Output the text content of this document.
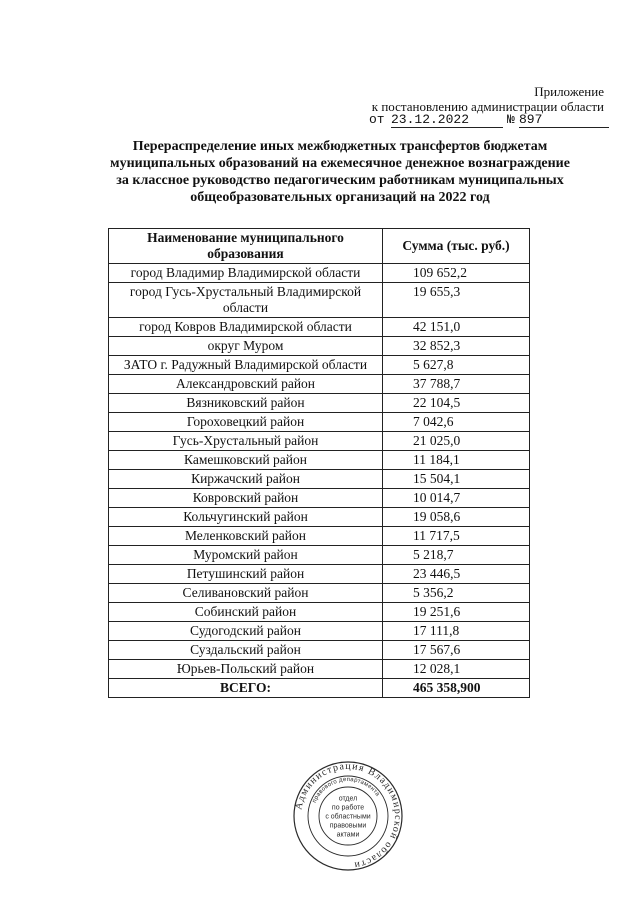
Приложение
к постановлению администрации области
от 23.12.2022	№ 897
Перераспределение иных межбюджетных трансфертов бюджетам
муниципальных образований на ежемесячное денежное вознаграждение
за классное руководство педагогическим работникам муниципальных
общеобразовательных организаций на 2022 год
Наименование муниципального образования	Сумма (тыс. руб.)
город Владимир Владимирской области	109 652,2
город Гусь-Хрустальный Владимирской области	19 655,3
город Ковров Владимирской области	42 151,0
округ Муром	32 852,3
ЗАТО г. Радужный Владимирской области	5 627,8
Александровский район	37 788,7
Вязниковский район	22 104,5
Гороховецкий район	7 042,6
Гусь-Хрустальный район	21 025,0
Камешковский район	11 184,1
Киржачский район	15 504,1
Ковровский район	10 014,7
Кольчугинский район	19 058,6
Меленковский район	11 717,5
Муромский район	5 218,7
Петушинский район	23 446,5
Селивановский район	5 356,2
Собинский район	19 251,6
Судогодский район	17 111,8
Суздальский район	17 567,6
Юрьев-Польский район	12 028,1
ВСЕГО:	465 358,900
Администрация Владимирской области
правового департамента
отдел
по работе
с областными
правовыми
актами
